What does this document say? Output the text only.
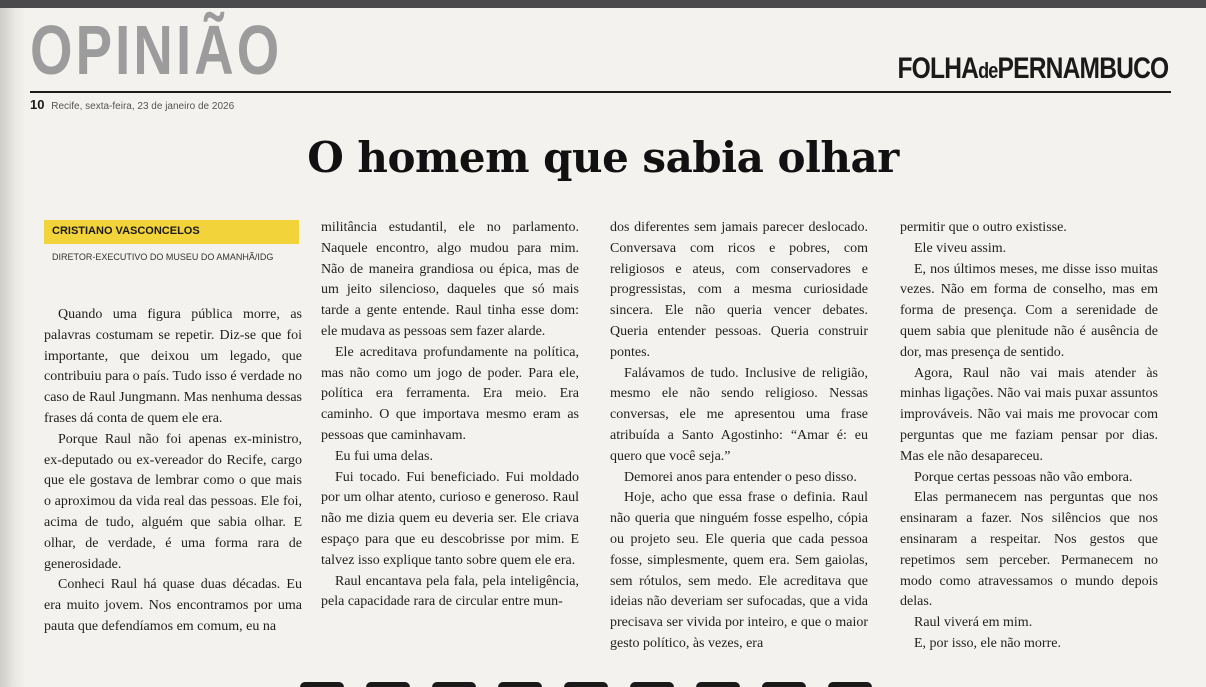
OPINIÃO	FOLHAdePERNAMBUCO
10 Recife, sexta-feira, 23 de janeiro de 2026
O homem que sabia olhar
CRISTIANO VASCONCELOS
DIRETOR-EXECUTIVO DO MUSEU DO AMANHÃ/IDG

Quando uma figura pública morre, as palavras costumam se repetir. Diz-se que foi importante, que deixou um legado, que contribuiu para o país. Tudo isso é verdade no caso de Raul Jungmann. Mas nenhuma dessas frases dá conta de quem ele era.

Porque Raul não foi apenas ex-ministro, ex-deputado ou ex-vereador do Recife, cargo que ele gostava de lembrar como o que mais o aproximou da vida real das pessoas. Ele foi, acima de tudo, alguém que sabia olhar. E olhar, de verdade, é uma forma rara de generosidade.

Conheci Raul há quase duas décadas. Eu era muito jovem. Nos encontramos por uma pauta que defendíamos em comum, eu na

militância estudantil, ele no parlamento. Naquele encontro, algo mudou para mim. Não de maneira grandiosa ou épica, mas de um jeito silencioso, daqueles que só mais tarde a gente entende. Raul tinha esse dom: ele mudava as pessoas sem fazer alarde.

Ele acreditava profundamente na política, mas não como um jogo de poder. Para ele, política era ferramenta. Era meio. Era caminho. O que importava mesmo eram as pessoas que caminhavam.

Eu fui uma delas.

Fui tocado. Fui beneficiado. Fui moldado por um olhar atento, curioso e generoso. Raul não me dizia quem eu deveria ser. Ele criava espaço para que eu descobrisse por mim. E talvez isso explique tanto sobre quem ele era.

Raul encantava pela fala, pela inteligência, pela capacidade rara de circular entre mun-

dos diferentes sem jamais parecer deslocado. Conversava com ricos e pobres, com religiosos e ateus, com conservadores e progressistas, com a mesma curiosidade sincera. Ele não queria vencer debates. Queria entender pessoas. Queria construir pontes.

Falávamos de tudo. Inclusive de religião, mesmo ele não sendo religioso. Nessas conversas, ele me apresentou uma frase atribuída a Santo Agostinho: “Amar é: eu quero que você seja.”

Demorei anos para entender o peso disso.

Hoje, acho que essa frase o definia. Raul não queria que ninguém fosse espelho, cópia ou projeto seu. Ele queria que cada pessoa fosse, simplesmente, quem era. Sem gaiolas, sem rótulos, sem medo. Ele acreditava que ideias não deveriam ser sufocadas, que a vida precisava ser vivida por inteiro, e que o maior gesto político, às vezes, era

permitir que o outro existisse.

Ele viveu assim.

E, nos últimos meses, me disse isso muitas vezes. Não em forma de conselho, mas em forma de presença. Com a serenidade de quem sabia que plenitude não é ausência de dor, mas presença de sentido.

Agora, Raul não vai mais atender às minhas ligações. Não vai mais puxar assuntos improváveis. Não vai mais me provocar com perguntas que me faziam pensar por dias. Mas ele não desapareceu.

Porque certas pessoas não vão embora.

Elas permanecem nas perguntas que nos ensinaram a fazer. Nos silêncios que nos ensinaram a respeitar. Nos gestos que repetimos sem perceber. Permanecem no modo como atravessamos o mundo depois delas.

Raul viverá em mim.

E, por isso, ele não morre.
